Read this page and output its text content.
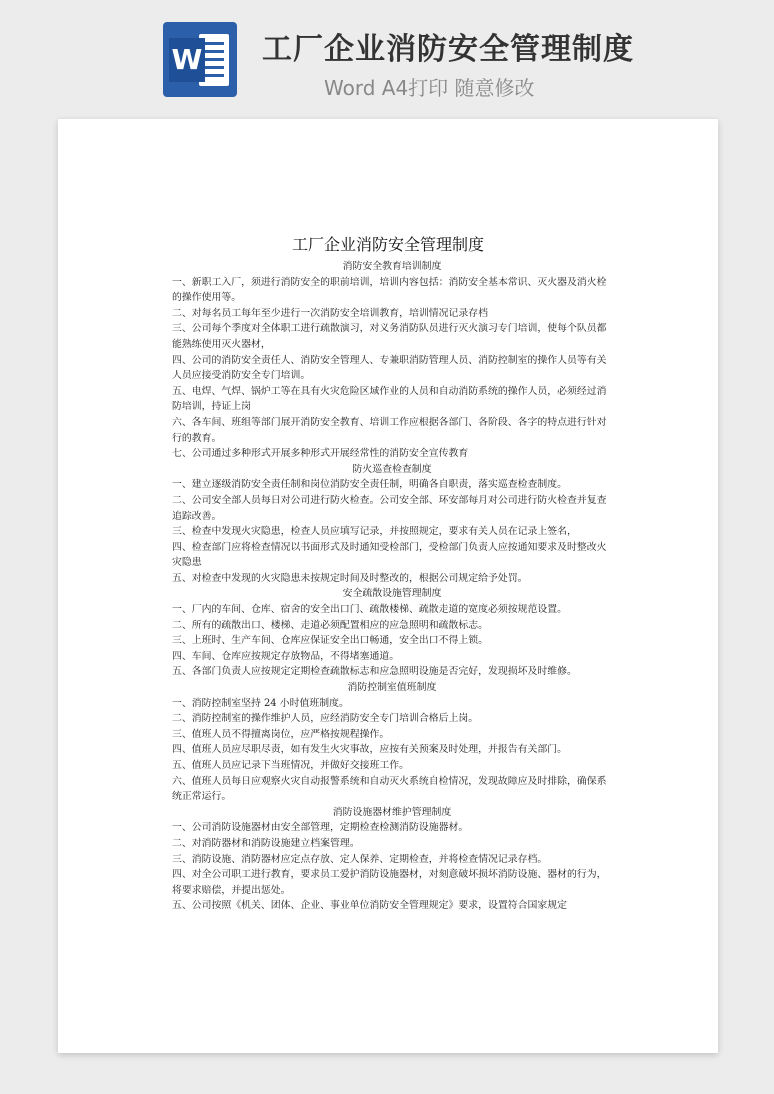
W 工厂企业消防安全管理制度
Word A4打印 随意修改
工厂企业消防安全管理制度
消防安全教育培训制度

一、新职工入厂，须进行消防安全的职前培训，培训内容包括：消防安全基本常识、灭火器及消火栓的操作使用等。

二、对每名员工每年至少进行一次消防安全培训教育，培训情况记录存档

三、公司每个季度对全体职工进行疏散演习，对义务消防队员进行灭火演习专门培训，使每个队员都能熟练使用灭火器材，

四、公司的消防安全责任人、消防安全管理人、专兼职消防管理人员、消防控制室的操作人员等有关人员应接受消防安全专门培训。

五、电焊、气焊、锅炉工等在具有火灾危险区域作业的人员和自动消防系统的操作人员，必须经过消防培训，持证上岗

六、各车间、班组等部门展开消防安全教育、培训工作应根据各部门、各阶段、各字的特点进行针对行的教育。

七、公司通过多种形式开展多种形式开展经常性的消防安全宣传教育

防火巡查检查制度

一、建立逐级消防安全责任制和岗位消防安全责任制，明确各自职责，落实巡查检查制度。

二、公司安全部人员每日对公司进行防火检查。公司安全部、环安部每月对公司进行防火检查并复查追踪改善。

三、检查中发现火灾隐患，检查人员应填写记录，并按照规定，要求有关人员在记录上签名，

四、检查部门应将检查情况以书面形式及时通知受检部门，受检部门负责人应按通知要求及时整改火灾隐患

五、对检查中发现的火灾隐患未按规定时间及时整改的，根据公司规定给予处罚。

安全疏散设施管理制度

一、厂内的车间、仓库、宿舍的安全出口门、疏散楼梯、疏散走道的宽度必须按规范设置。

二、所有的疏散出口、楼梯、走道必须配置相应的应急照明和疏散标志。

三、上班时、生产车间、仓库应保证安全出口畅通，安全出口不得上锁。

四、车间、仓库应按规定存放物品，不得堵塞通道。

五、各部门负责人应按规定定期检查疏散标志和应急照明设施是否完好，发现损坏及时维修。

消防控制室值班制度

一、消防控制室坚持 24 小时值班制度。

二、消防控制室的操作维护人员，应经消防安全专门培训合格后上岗。

三、值班人员不得擅离岗位，应严格按规程操作。

四、值班人员应尽职尽责，如有发生火灾事故，应按有关预案及时处理，并报告有关部门。

五、值班人员应记录下当班情况，并做好交接班工作。

六、值班人员每日应观察火灾自动报警系统和自动灭火系统自检情况，发现故障应及时排除，确保系统正常运行。

消防设施器材维护管理制度

一、公司消防设施器材由安全部管理，定期检查检测消防设施器材。

二、对消防器材和消防设施建立档案管理。

三、消防设施、消防器材应定点存放、定人保养、定期检查，并将检查情况记录存档。

四、对全公司职工进行教育，要求员工爱护消防设施器材，对刻意破坏损坏消防设施、器材的行为，将要求赔偿，并提出惩处。

五、公司按照《机关、团体、企业、事业单位消防安全管理规定》要求，设置符合国家规定
